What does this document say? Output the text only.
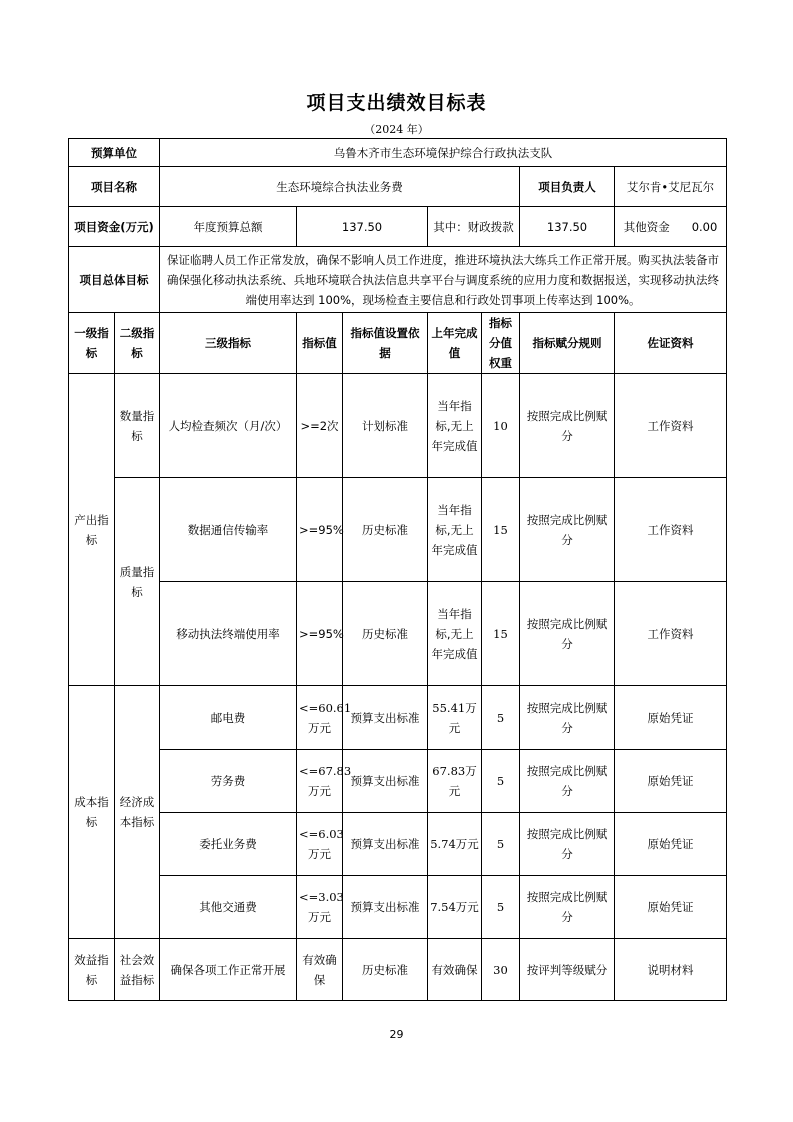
项目支出绩效目标表
（2024 年）
预算单位		乌鲁木齐市生态环境保护综合行政执法支队						
项目名称		生态环境综合执法业务费					项目负责人	艾尔肯•艾尼瓦尔
项目资金(万元)		年度预算总额	137.50		其中：财政拨款		137.50	其他资金 0.00
项目总体目标		保证临聘人员工作正常发放，确保不影响人员工作进度，推进环境执法大练兵工作正常开展。购买执法装备市确保强化移动执法系统、兵地环境联合执法信息共享平台与调度系统的应用力度和数据报送，实现移动执法终端使用率达到 100%，现场检查主要信息和行政处罚事项上传率达到 100%。						
一级指标	二级指标	三级指标	指标值	指标值设置依据	上年完成值	指标分值权重	指标赋分规则	佐证资料
产出指标	数量指标	人均检查频次（月/次）	>=2次	计划标准	当年指标,无上年完成值	10	按照完成比例赋分	工作资料
	质量指标	数据通信传输率	>=95%	历史标准	当年指标,无上年完成值	15	按照完成比例赋分	工作资料
		移动执法终端使用率	>=95%	历史标准	当年指标,无上年完成值	15	按照完成比例赋分	工作资料
成本指标	经济成本指标	邮电费	<=60.61万元	预算支出标准	55.41万元	5	按照完成比例赋分	原始凭证
		劳务费	<=67.83万元	预算支出标准	67.83万元	5	按照完成比例赋分	原始凭证
		委托业务费	<=6.03万元	预算支出标准	5.74万元	5	按照完成比例赋分	原始凭证
		其他交通费	<=3.03万元	预算支出标准	7.54万元	5	按照完成比例赋分	原始凭证
效益指标	社会效益指标	确保各项工作正常开展	有效确保	历史标准	有效确保	30	按评判等级赋分	说明材料
29
